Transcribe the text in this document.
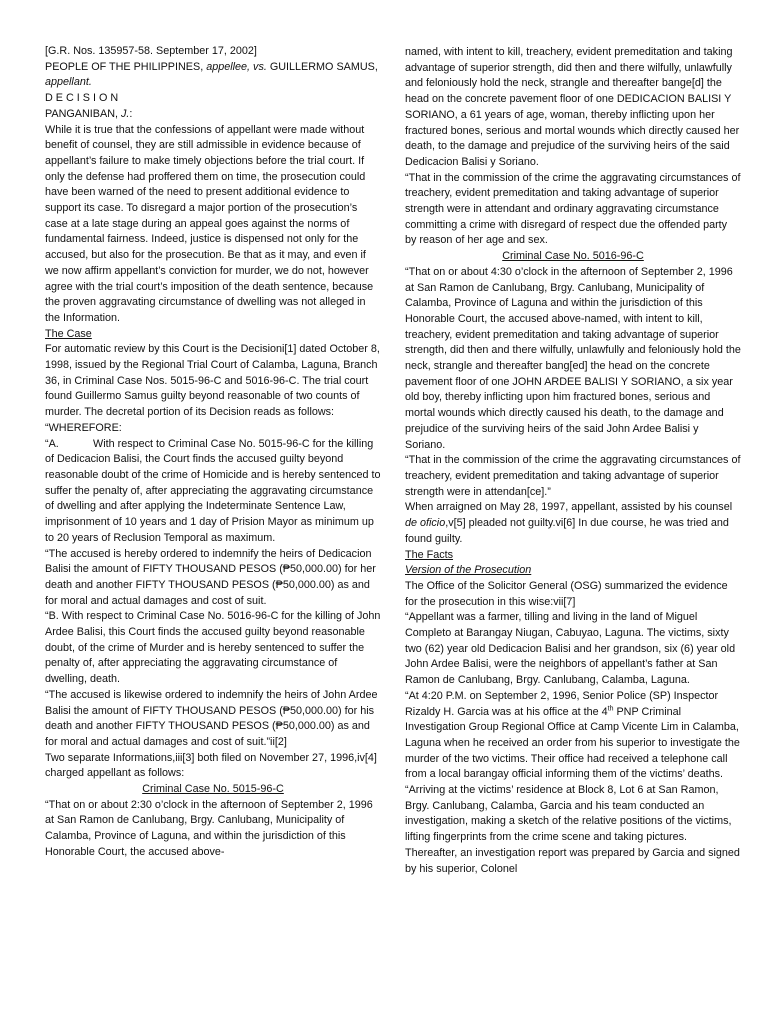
[G.R. Nos. 135957-58. September 17, 2002]

PEOPLE OF THE PHILIPPINES, appellee, vs. GUILLERMO SAMUS, appellant.

D E C I S I O N

PANGANIBAN, J.:

While it is true that the confessions of appellant were made without benefit of counsel, they are still admissible in evidence because of appellant’s failure to make timely objections before the trial court. If only the defense had proffered them on time, the prosecution could have been warned of the need to present additional evidence to support its case. To disregard a major portion of the prosecution’s case at a late stage during an appeal goes against the norms of fundamental fairness. Indeed, justice is dispensed not only for the accused, but also for the prosecution. Be that as it may, and even if we now affirm appellant’s conviction for murder, we do not, however agree with the trial court’s imposition of the death sentence, because the proven aggravating circumstance of dwelling was not alleged in the Information.

The Case

For automatic review by this Court is the Decisioni[1] dated October 8, 1998, issued by the Regional Trial Court of Calamba, Laguna, Branch 36, in Criminal Case Nos. 5015-96-C and 5016-96-C. The trial court found Guillermo Samus guilty beyond reasonable of two counts of murder. The decretal portion of its Decision reads as follows:

“WHEREFORE:

“A.	With respect to Criminal Case No. 5015-96-C for the killing of Dedicacion Balisi, the Court finds the accused guilty beyond reasonable doubt of the crime of Homicide and is hereby sentenced to suffer the penalty of, after appreciating the aggravating circumstance of dwelling and after applying the Indeterminate Sentence Law, imprisonment of 10 years and 1 day of Prision Mayor as minimum up to 20 years of Reclusion Temporal as maximum.

“The accused is hereby ordered to indemnify the heirs of Dedicacion Balisi the amount of FIFTY THOUSAND PESOS (₱50,000.00) for her death and another FIFTY THOUSAND PESOS (₱50,000.00) as and for moral and actual damages and cost of suit.

“B. With respect to Criminal Case No. 5016-96-C for the killing of John Ardee Balisi, this Court finds the accused guilty beyond reasonable doubt, of the crime of Murder and is hereby sentenced to suffer the penalty of, after appreciating the aggravating circumstance of dwelling, death.

“The accused is likewise ordered to indemnify the heirs of John Ardee Balisi the amount of FIFTY THOUSAND PESOS (₱50,000.00) for his death and another FIFTY THOUSAND PESOS (₱50,000.00) as and for moral and actual damages and cost of suit.”ii[2]

Two separate Informations,iii[3] both filed on November 27, 1996,iv[4] charged appellant as follows:

Criminal Case No. 5015-96-C

“That on or about 2:30 o’clock in the afternoon of September 2, 1996 at San Ramon de Canlubang, Brgy. Canlubang, Municipality of Calamba, Province of Laguna, and within the jurisdiction of this Honorable Court, the accused above-

named, with intent to kill, treachery, evident premeditation and taking advantage of superior strength, did then and there wilfully, unlawfully and feloniously hold the neck, strangle and thereafter bange[d] the head on the concrete pavement floor of one DEDICACION BALISI Y SORIANO, a 61 years of age, woman, thereby inflicting upon her fractured bones, serious and mortal wounds which directly caused her death, to the damage and prejudice of the surviving heirs of the said Dedicacion Balisi y Soriano.

“That in the commission of the crime the aggravating circumstances of treachery, evident premeditation and taking advantage of superior strength were in attendant and ordinary aggravating circumstance committing a crime with disregard of respect due the offended party by reason of her age and sex.

Criminal Case No. 5016-96-C

“That on or about 4:30 o’clock in the afternoon of September 2, 1996 at San Ramon de Canlubang, Brgy. Canlubang, Municipality of Calamba, Province of Laguna and within the jurisdiction of this Honorable Court, the accused above-named, with intent to kill, treachery, evident premeditation and taking advantage of superior strength, did then and there wilfully, unlawfully and feloniously hold the neck, strangle and thereafter bang[ed] the head on the concrete pavement floor of one JOHN ARDEE BALISI Y SORIANO, a six year old boy, thereby inflicting upon him fractured bones, serious and mortal wounds which directly caused his death, to the damage and prejudice of the surviving heirs of the said John Ardee Balisi y Soriano.

“That in the commission of the crime the aggravating circumstances of treachery, evident premeditation and taking advantage of superior strength were in attendan[ce].”

When arraigned on May 28, 1997, appellant, assisted by his counsel de oficio,v[5] pleaded not guilty.vi[6] In due course, he was tried and found guilty.

The Facts

Version of the Prosecution

The Office of the Solicitor General (OSG) summarized the evidence for the prosecution in this wise:vii[7]

“Appellant was a farmer, tilling and living in the land of Miguel Completo at Barangay Niugan, Cabuyao, Laguna. The victims, sixty two (62) year old Dedicacion Balisi and her grandson, six (6) year old John Ardee Balisi, were the neighbors of appellant’s father at San Ramon de Canlubang, Brgy. Canlubang, Calamba, Laguna.

“At 4:20 P.M. on September 2, 1996, Senior Police (SP) Inspector Rizaldy H. Garcia was at his office at the 4th PNP Criminal Investigation Group Regional Office at Camp Vicente Lim in Calamba, Laguna when he received an order from his superior to investigate the murder of the two victims. Their office had received a telephone call from a local barangay official informing them of the victims’ deaths.

“Arriving at the victims’ residence at Block 8, Lot 6 at San Ramon, Brgy. Canlubang, Calamba, Garcia and his team conducted an investigation, making a sketch of the relative positions of the victims, lifting fingerprints from the crime scene and taking pictures. Thereafter, an investigation report was prepared by Garcia and signed by his superior, Colonel
